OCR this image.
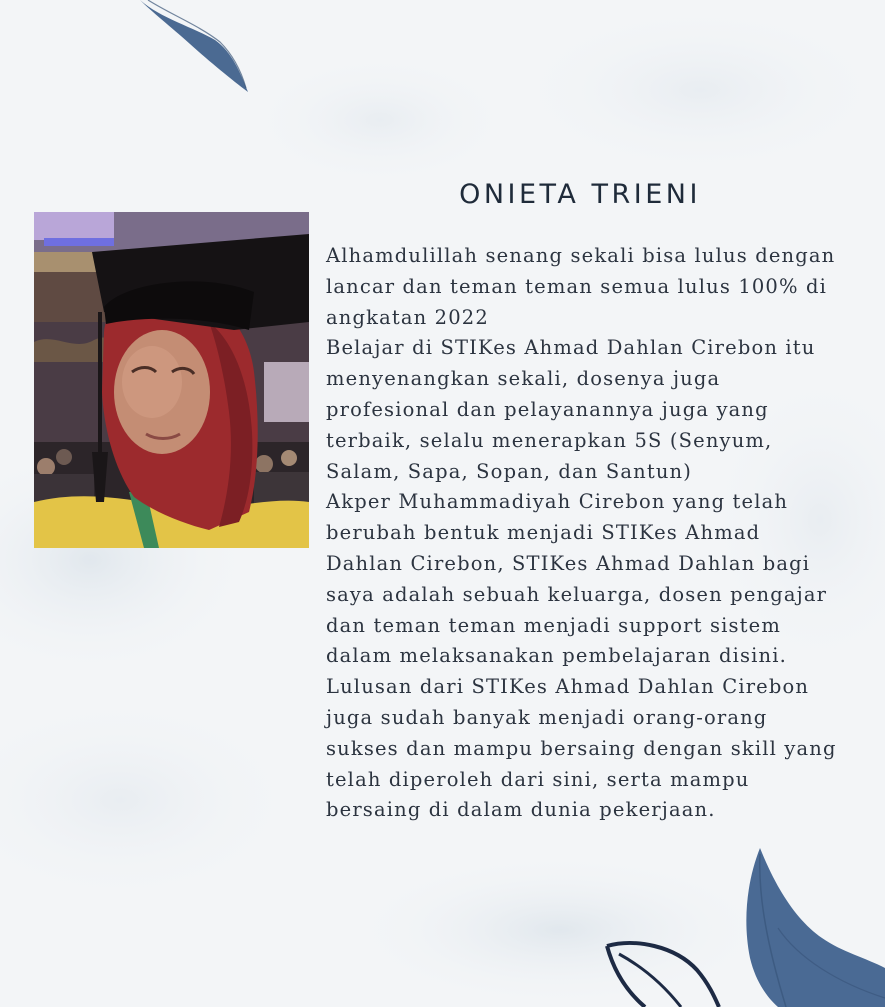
ONIETA TRIENI

Alhamdulillah senang sekali bisa lulus dengan
lancar dan teman teman semua lulus 100% di
angkatan 2022
Belajar di STIKes Ahmad Dahlan Cirebon itu
menyenangkan sekali, dosenya juga
profesional dan pelayanannya juga yang
terbaik, selalu menerapkan 5S (Senyum,
Salam, Sapa, Sopan, dan Santun)
Akper Muhammadiyah Cirebon yang telah
berubah bentuk menjadi STIKes Ahmad
Dahlan Cirebon, STIKes Ahmad Dahlan bagi
saya adalah sebuah keluarga, dosen pengajar
dan teman teman menjadi support sistem
dalam melaksanakan pembelajaran disini.
Lulusan dari STIKes Ahmad Dahlan Cirebon
juga sudah banyak menjadi orang-orang
sukses dan mampu bersaing dengan skill yang
telah diperoleh dari sini, serta mampu
bersaing di dalam dunia pekerjaan.
